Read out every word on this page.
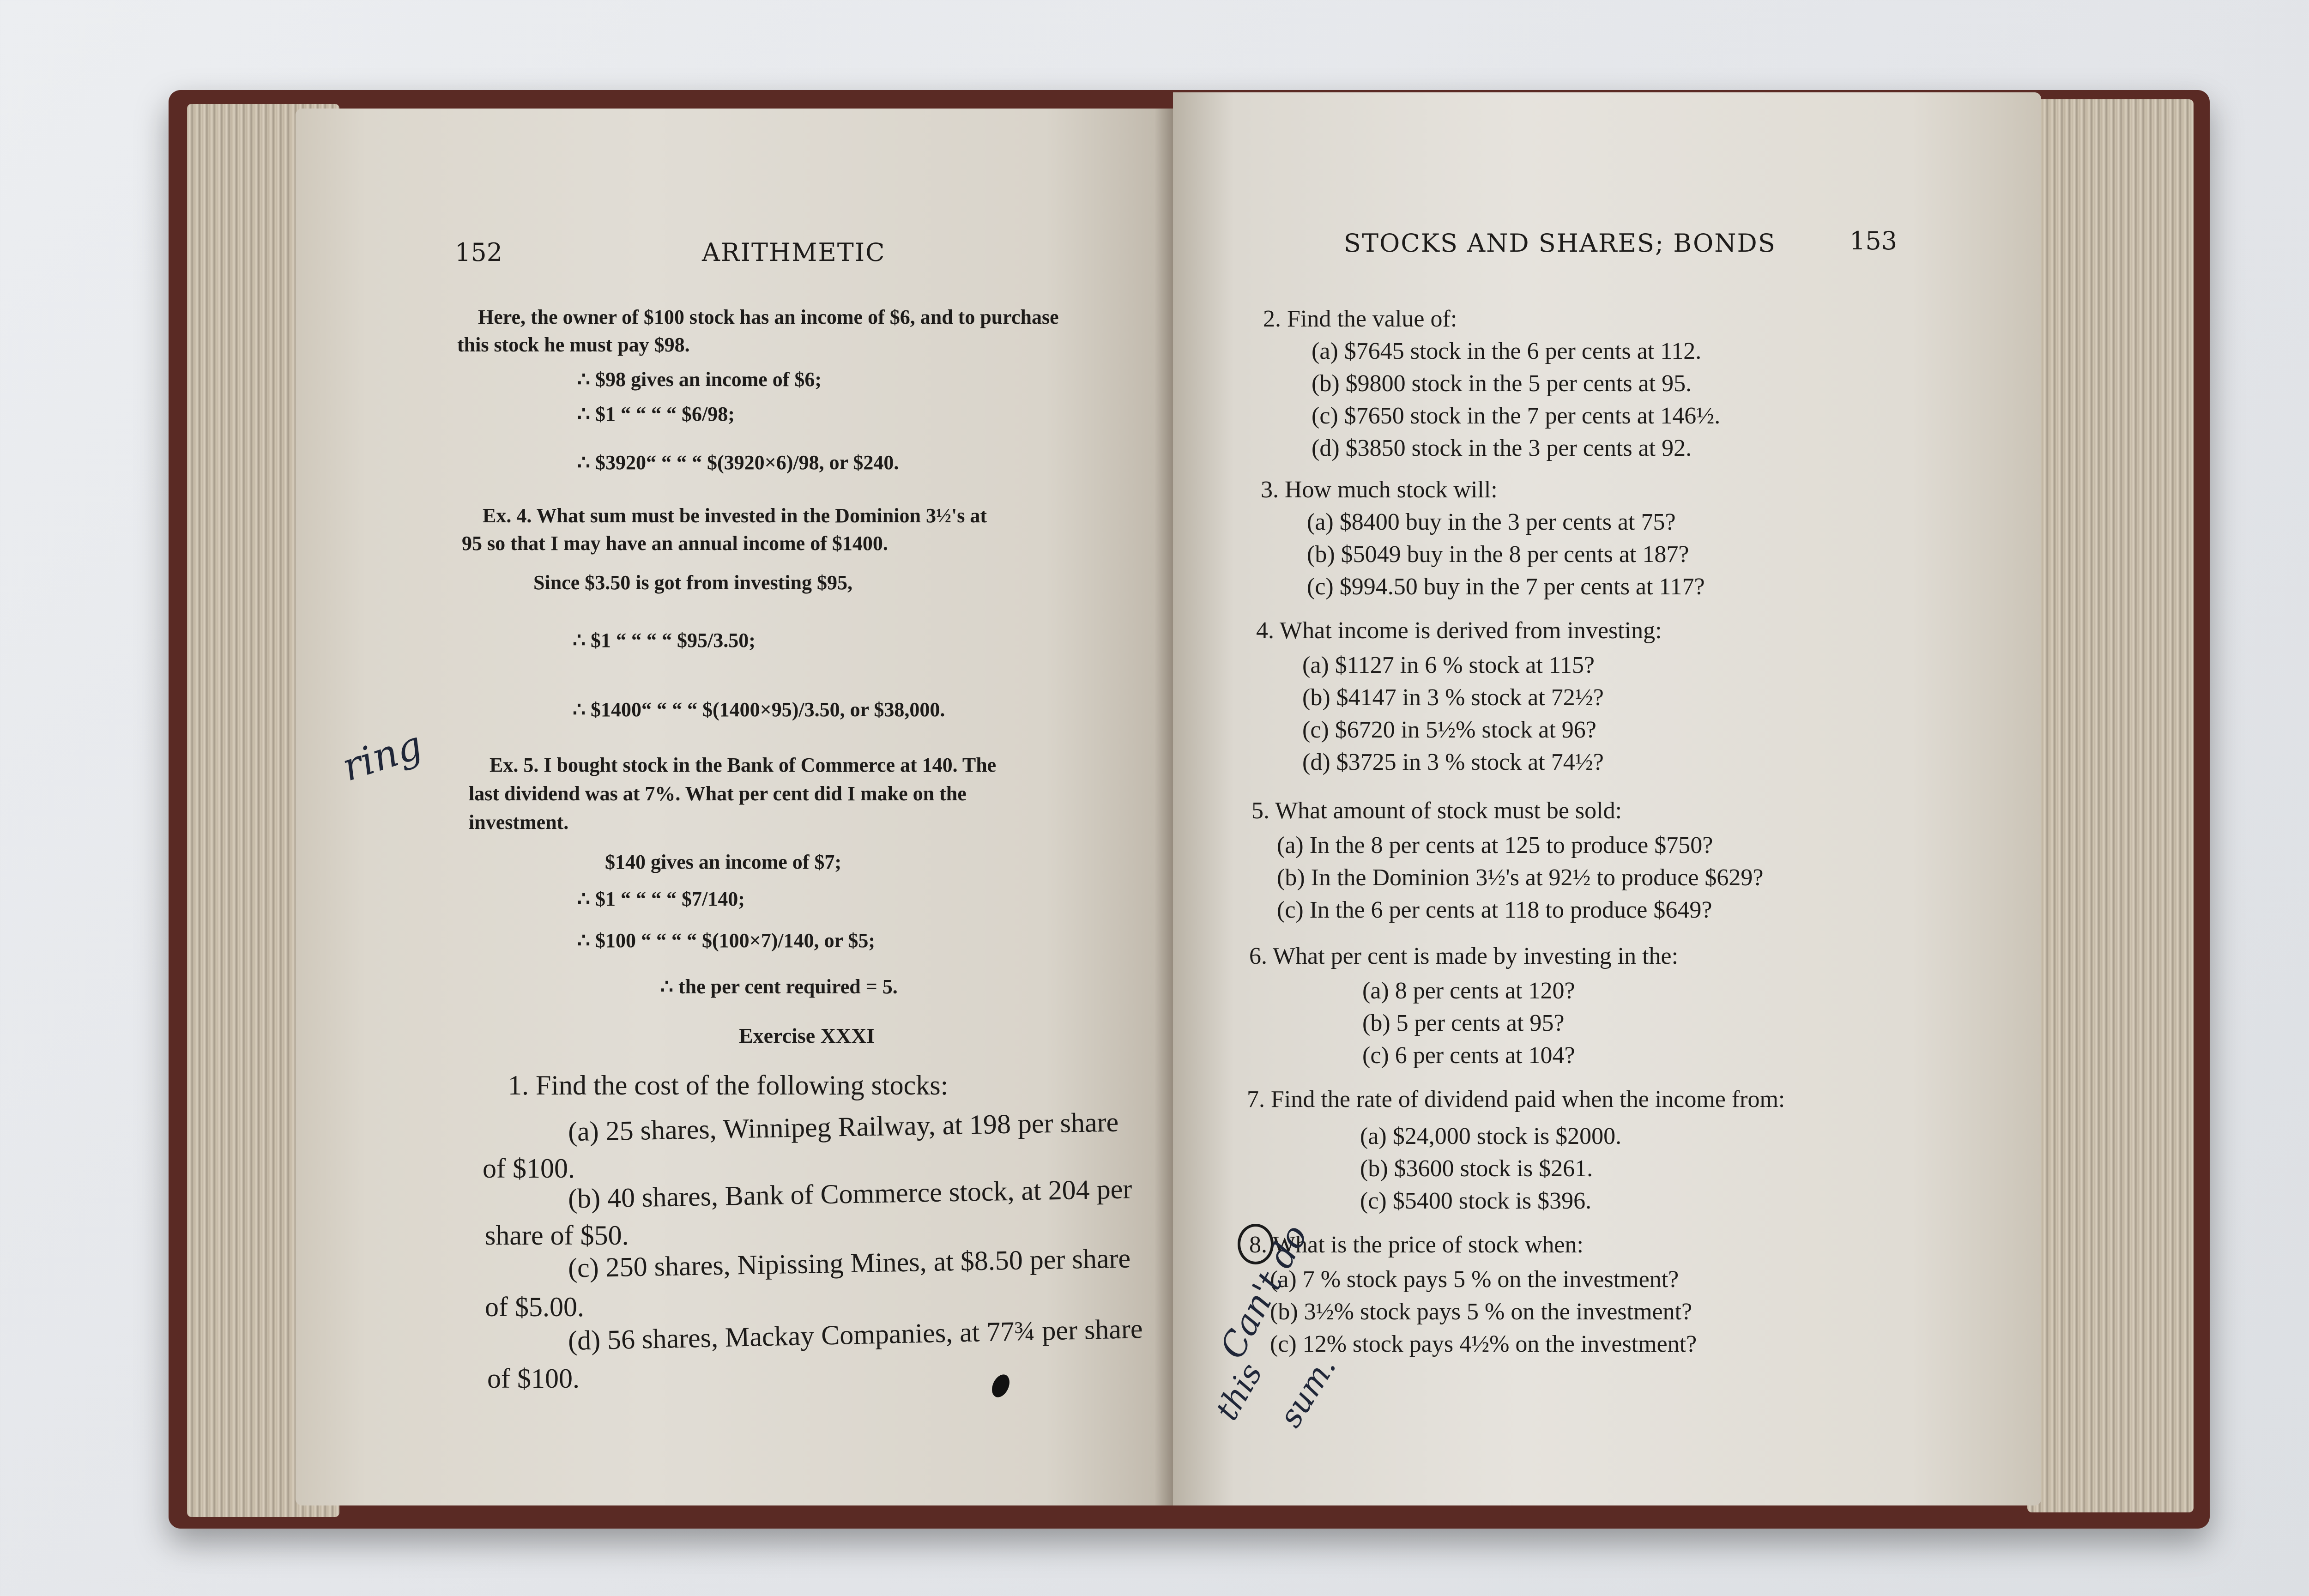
152	ARITHMETIC
Here, the owner of $100 stock has an income of $6, and to purchase
this stock he must pay $98.
∴ $98 gives an income of $6;
∴ $1 “ “ “ “ $6/98;
∴ $3920“ “ “ “ $(3920×6)/98, or $240.
Ex. 4. What sum must be invested in the Dominion 3½'s at
95 so that I may have an annual income of $1400.
Since $3.50 is got from investing $95,
∴ $1 “ “ “ “ $95/3.50;
∴ $1400“ “ “ “ $(1400×95)/3.50, or $38,000.
Ex. 5. I bought stock in the Bank of Commerce at 140. The
last dividend was at 7%. What per cent did I make on the
investment.
$140 gives an income of $7;
∴ $1 “ “ “ “ $7/140;
∴ $100 “ “ “ “ $(100×7)/140, or $5;
∴ the per cent required = 5.
Exercise XXXI
1. Find the cost of the following stocks:
(a) 25 shares, Winnipeg Railway, at 198 per share
of $100.
(b) 40 shares, Bank of Commerce stock, at 204 per
share of $50.
(c) 250 shares, Nipissing Mines, at $8.50 per share
of $5.00.
(d) 56 shares, Mackay Companies, at 77¾ per share
of $100.
ring
STOCKS AND SHARES; BONDS	153
2. Find the value of:
(a) $7645 stock in the 6 per cents at 112.
(b) $9800 stock in the 5 per cents at 95.
(c) $7650 stock in the 7 per cents at 146½.
(d) $3850 stock in the 3 per cents at 92.
3. How much stock will:
(a) $8400 buy in the 3 per cents at 75?
(b) $5049 buy in the 8 per cents at 187?
(c) $994.50 buy in the 7 per cents at 117?
4. What income is derived from investing:
(a) $1127 in 6 % stock at 115?
(b) $4147 in 3 % stock at 72½?
(c) $6720 in 5½% stock at 96?
(d) $3725 in 3 % stock at 74½?
5. What amount of stock must be sold:
(a) In the 8 per cents at 125 to produce $750?
(b) In the Dominion 3½'s at 92½ to produce $629?
(c) In the 6 per cents at 118 to produce $649?
6. What per cent is made by investing in the:
(a) 8 per cents at 120?
(b) 5 per cents at 95?
(c) 6 per cents at 104?
7. Find the rate of dividend paid when the income from:
(a) $24,000 stock is $2000.
(b) $3600 stock is $261.
(c) $5400 stock is $396.
8. What is the price of stock when:
(a) 7 % stock pays 5 % on the investment?
(b) 3½% stock pays 5 % on the investment?
(c) 12% stock pays 4½% on the investment?
Can't do
this sum.
